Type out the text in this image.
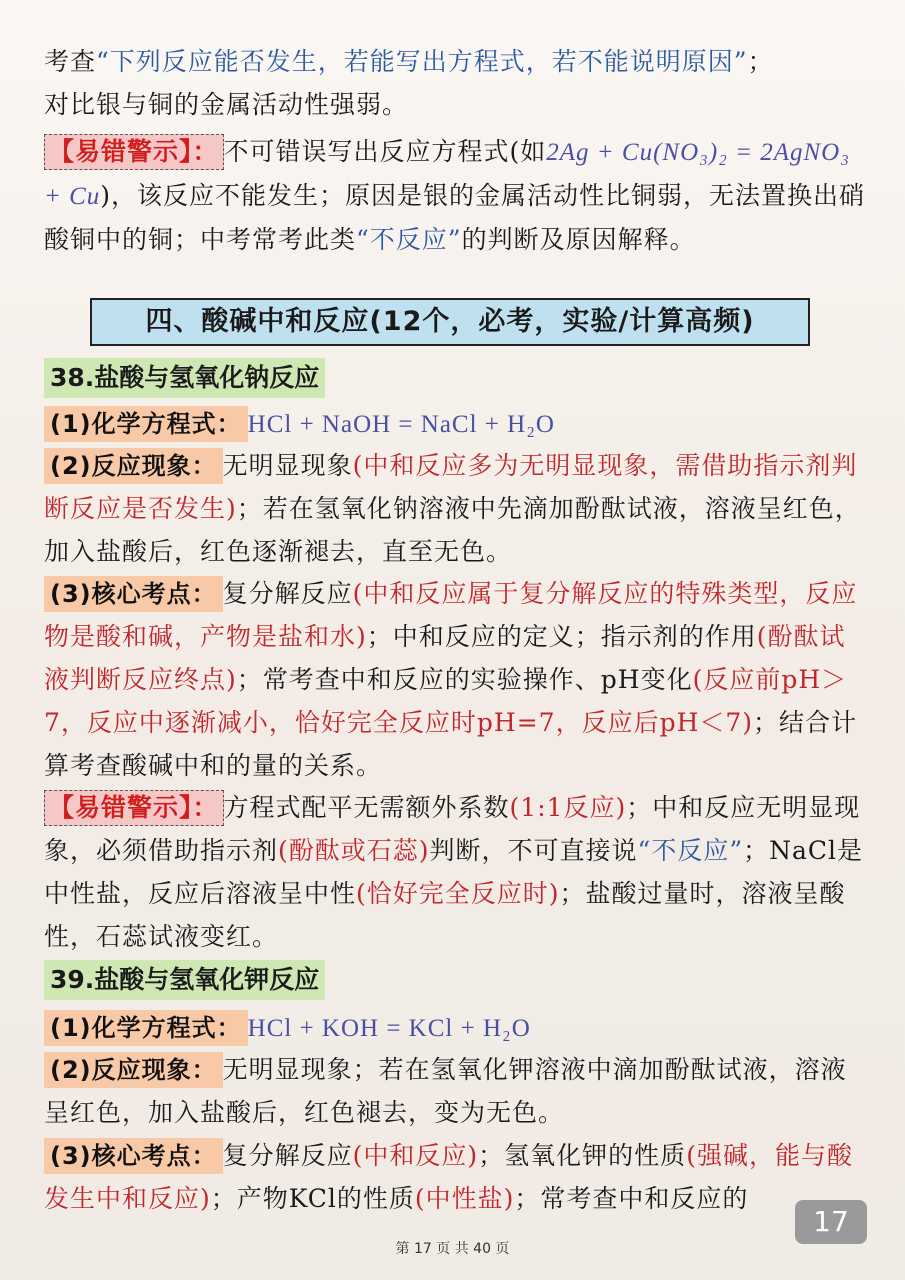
考查“下列反应能否发生，若能写出方程式，若不能说明原因”；
对比银与铜的金属活动性强弱。
【易错警示】： 不可错误写出反应方程式(如2Ag + Cu(NO₃)₂ = 2AgNO₃ + Cu)，该反应不能发生；原因是银的金属活动性比铜弱，无法置换出硝酸铜中的铜；中考常考此类“不反应”的判断及原因解释。
四、酸碱中和反应(12个，必考，实验/计算高频)
38.盐酸与氢氧化钠反应
(1)化学方程式： HCl + NaOH = NaCl + H₂O
(2)反应现象： 无明显现象(中和反应多为无明显现象，需借助指示剂判断反应是否发生)；若在氢氧化钠溶液中先滴加酚酞试液，溶液呈红色，加入盐酸后，红色逐渐褪去，直至无色。
(3)核心考点： 复分解反应(中和反应属于复分解反应的特殊类型，反应物是酸和碱，产物是盐和水)；中和反应的定义；指示剂的作用(酚酞试液判断反应终点)；常考查中和反应的实验操作、pH变化(反应前pH＞7，反应中逐渐减小，恰好完全反应时pH=7，反应后pH＜7)；结合计算考查酸碱中和的量的关系。
【易错警示】： 方程式配平无需额外系数(1:1反应)；中和反应无明显现象，必须借助指示剂(酚酞或石蕊)判断，不可直接说“不反应”；NaCl是中性盐，反应后溶液呈中性(恰好完全反应时)；盐酸过量时，溶液呈酸性，石蕊试液变红。
39.盐酸与氢氧化钾反应
(1)化学方程式： HCl + KOH = KCl + H₂O
(2)反应现象： 无明显现象；若在氢氧化钾溶液中滴加酚酞试液，溶液呈红色，加入盐酸后，红色褪去，变为无色。
(3)核心考点： 复分解反应(中和反应)；氢氧化钾的性质(强碱，能与酸发生中和反应)；产物KCl的性质(中性盐)；常考查中和反应的
17
第 17 页 共 40 页
